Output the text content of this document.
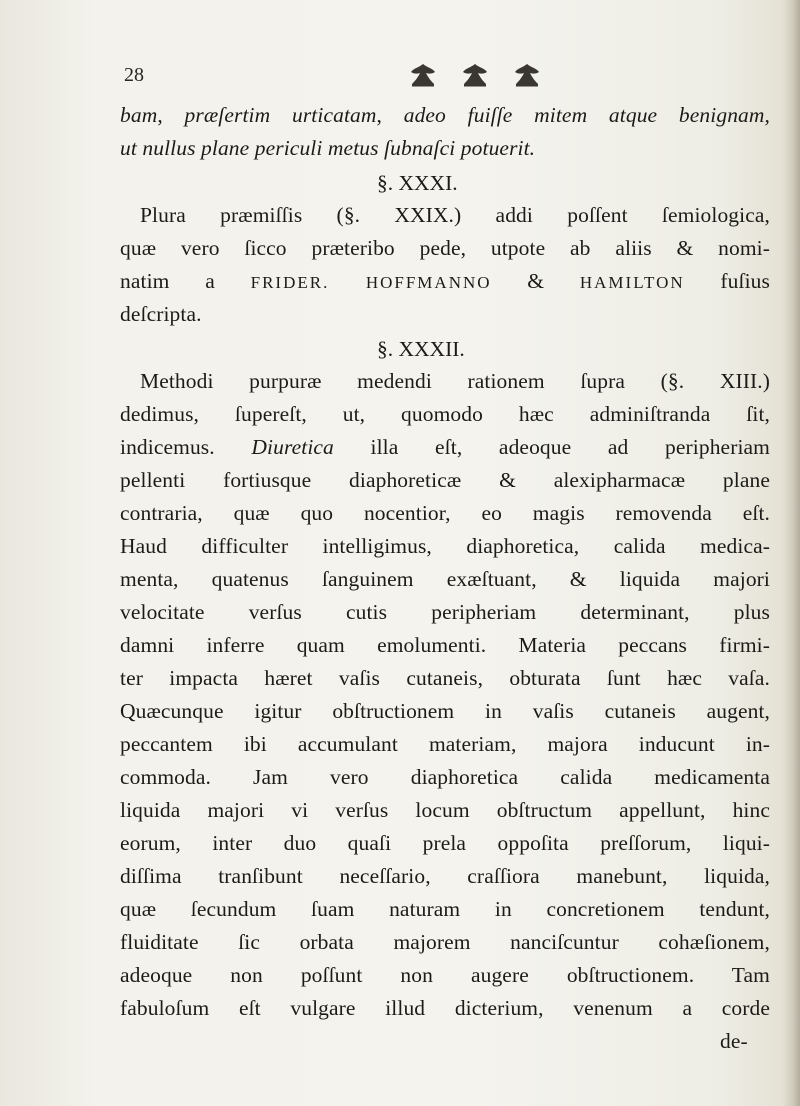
28
bam, præſertim urticatam, adeo fuiſſe mitem atque benignam,
ut nullus plane periculi metus ſubnaſci potuerit.
§. XXXI.
Plura præmiſſis (§. XXIX.) addi poſſent ſemiologica,
quæ vero ſicco præteribo pede, utpote ab aliis & nomi-
natim a FRIDER. HOFFMANNO & HAMILTON fuſius
deſcripta.
§. XXXII.
Methodi purpuræ medendi rationem ſupra (§. XIII.)
dedimus, ſupereſt, ut, quomodo hæc adminiſtranda ſit,
indicemus. Diuretica illa eſt, adeoque ad peripheriam
pellenti fortiusque diaphoreticæ & alexipharmacæ plane
contraria, quæ quo nocentior, eo magis removenda eſt.
Haud difficulter intelligimus, diaphoretica, calida medica-
menta, quatenus ſanguinem exæſtuant, & liquida majori
velocitate verſus cutis peripheriam determinant, plus
damni inferre quam emolumenti. Materia peccans firmi-
ter impacta hæret vaſis cutaneis, obturata ſunt hæc vaſa.
Quæcunque igitur obſtructionem in vaſis cutaneis augent,
peccantem ibi accumulant materiam, majora inducunt in-
commoda. Jam vero diaphoretica calida medicamenta
liquida majori vi verſus locum obſtructum appellunt, hinc
eorum, inter duo quaſi prela oppoſita preſſorum, liqui-
diſſima tranſibunt neceſſario, craſſiora manebunt, liquida,
quæ ſecundum ſuam naturam in concretionem tendunt,
fluiditate ſic orbata majorem nanciſcuntur cohæſionem,
adeoque non poſſunt non augere obſtructionem. Tam
fabuloſum eſt vulgare illud dicterium, venenum a corde
de-
